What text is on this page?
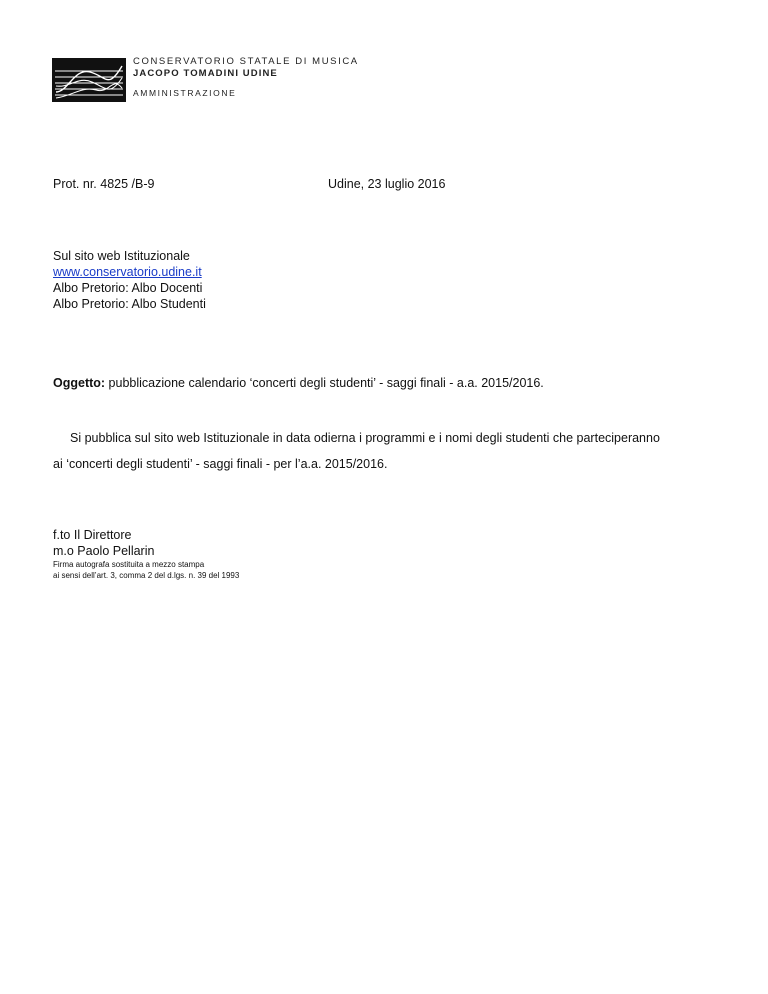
CONSERVATORIO STATALE DI MUSICA
JACOPO TOMADINI UDINE
AMMINISTRAZIONE
Prot. nr. 4825 /B-9	Udine, 23 luglio 2016
Sul sito web Istituzionale
www.conservatorio.udine.it
Albo Pretorio: Albo Docenti
Albo Pretorio: Albo Studenti
Oggetto: pubblicazione calendario ‘concerti degli studenti’ - saggi finali - a.a. 2015/2016.
Si pubblica sul sito web Istituzionale in data odierna i programmi e i nomi degli studenti che parteciperanno
ai ‘concerti degli studenti’ - saggi finali - per l’a.a. 2015/2016.
f.to Il Direttore
m.o Paolo Pellarin
Firma autografa sostituita a mezzo stampa
ai sensi dell’art. 3, comma 2 del d.lgs. n. 39 del 1993
